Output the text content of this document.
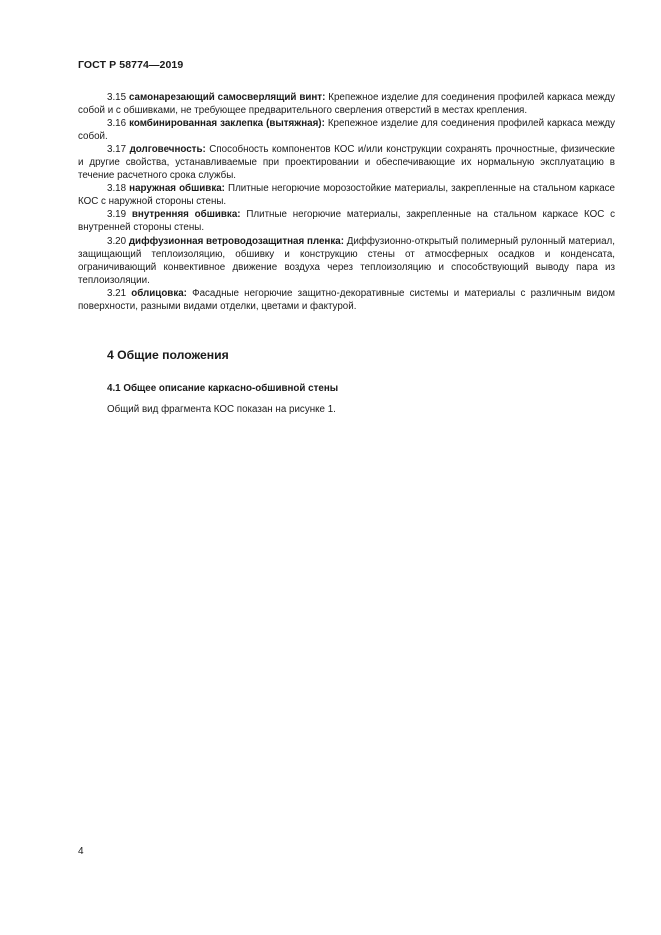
ГОСТ Р 58774—2019

3.15 самонарезающий самосверлящий винт: Крепежное изделие для соединения профилей каркаса между собой и с обшивками, не требующее предварительного сверления отверстий в местах крепления.

3.16 комбинированная заклепка (вытяжная): Крепежное изделие для соединения профилей каркаса между собой.

3.17 долговечность: Способность компонентов КОС и/или конструкции сохранять прочностные, физические и другие свойства, устанавливаемые при проектировании и обеспечивающие их нормальную эксплуатацию в течение расчетного срока службы.

3.18 наружная обшивка: Плитные негорючие морозостойкие материалы, закрепленные на стальном каркасе КОС с наружной стороны стены.

3.19 внутренняя обшивка: Плитные негорючие материалы, закрепленные на стальном каркасе КОС с внутренней стороны стены.

3.20 диффузионная ветроводозащитная пленка: Диффузионно-открытый полимерный рулонный материал, защищающий теплоизоляцию, обшивку и конструкцию стены от атмосферных осадков и конденсата, ограничивающий конвективное движение воздуха через теплоизоляцию и способствующий выводу пара из теплоизоляции.

3.21 облицовка: Фасадные негорючие защитно-декоративные системы и материалы с различным видом поверхности, разными видами отделки, цветами и фактурой.

4 Общие положения
4.1 Общее описание каркасно-обшивной стены

Общий вид фрагмента КОС показан на рисунке 1.

4
